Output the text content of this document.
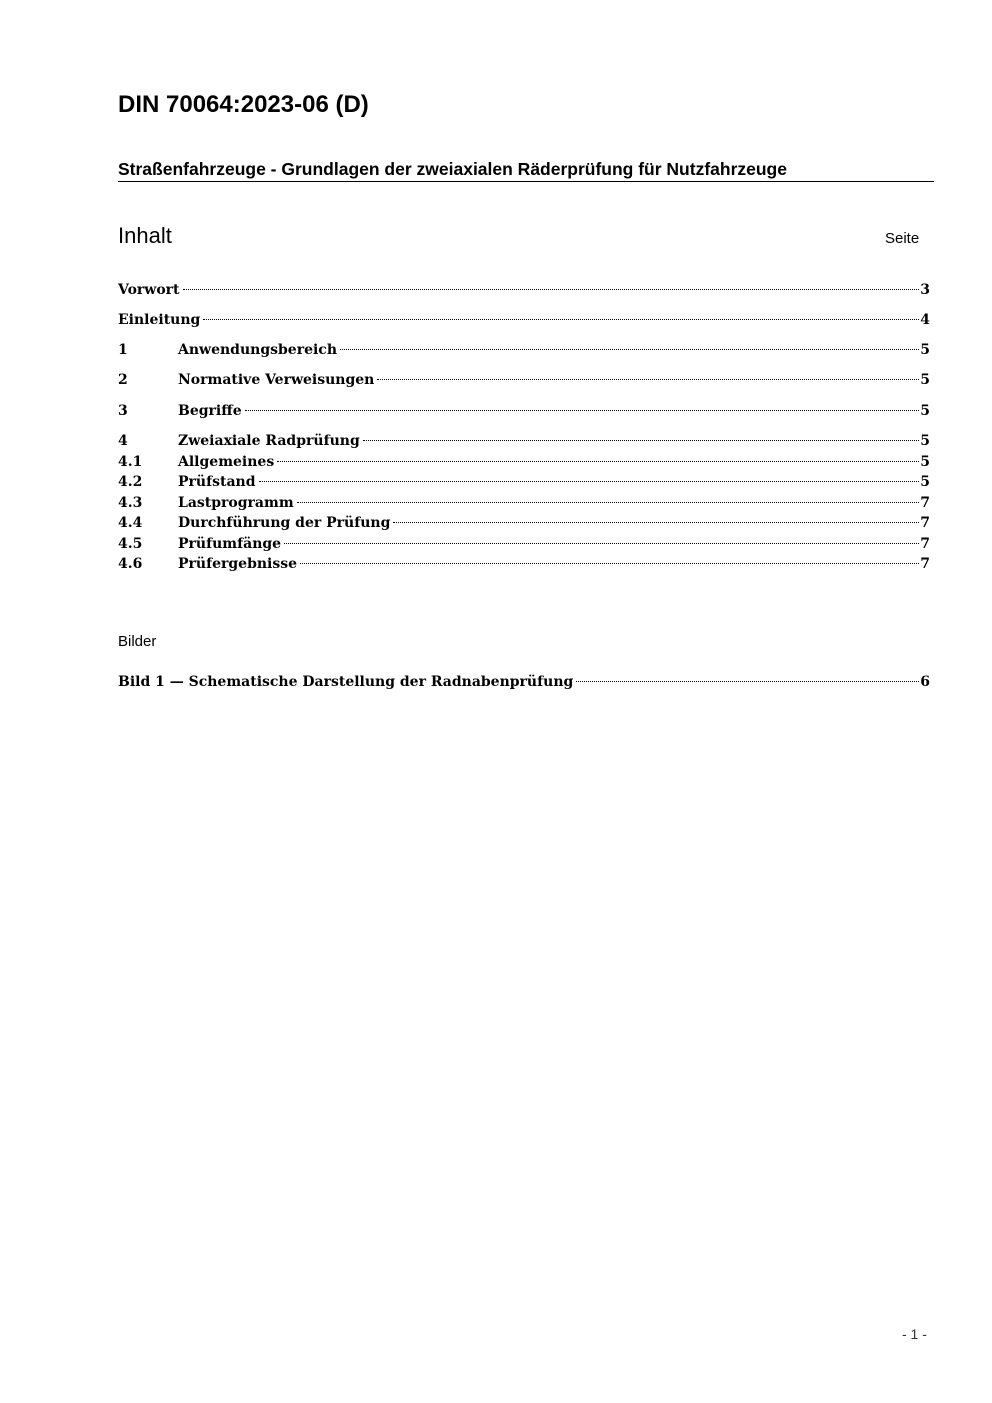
DIN 70064:2023-06 (D)
Straßenfahrzeuge - Grundlagen der zweiaxialen Räderprüfung für Nutzfahrzeuge
Inhalt	Seite
Vorwort	3
Einleitung	4
1	Anwendungsbereich	5
2	Normative Verweisungen	5
3	Begriffe	5
4	Zweiaxiale Radprüfung	5
4.1	Allgemeines	5
4.2	Prüfstand	5
4.3	Lastprogramm	7
4.4	Durchführung der Prüfung	7
4.5	Prüfumfänge	7
4.6	Prüfergebnisse	7
Bilder
Bild 1 — Schematische Darstellung der Radnabenprüfung	6
- 1 -
